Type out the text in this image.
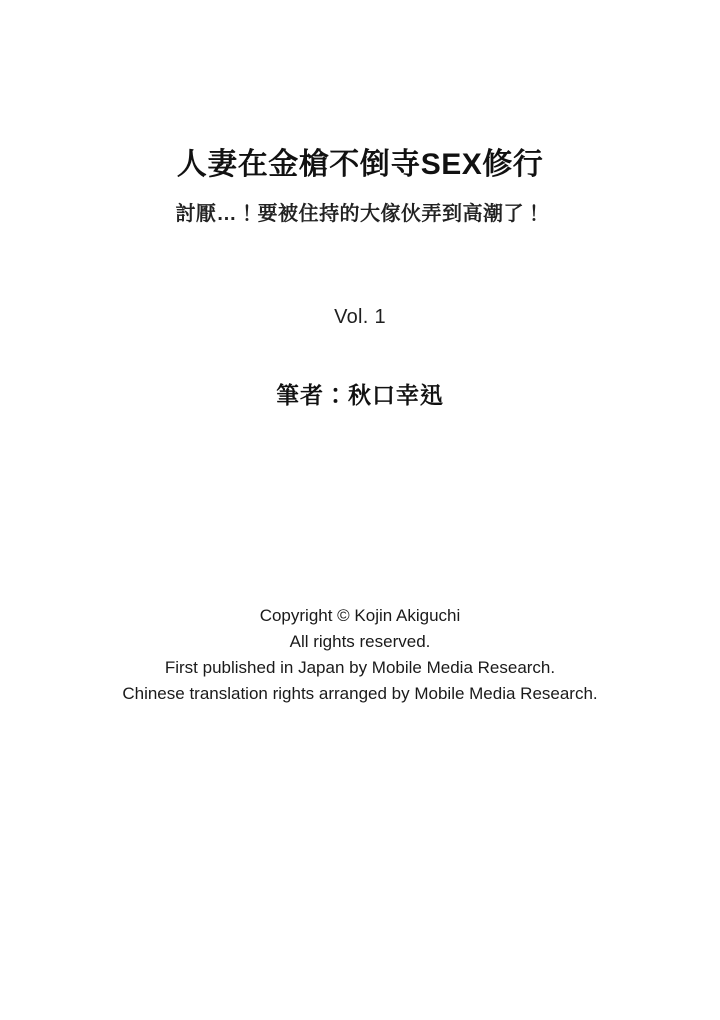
人妻在金槍不倒寺SEX修行
討厭…！要被住持的大傢伙弄到高潮了！
Vol. 1
筆者：秋口幸迅
Copyright © Kojin Akiguchi
All rights reserved.
First published in Japan by Mobile Media Research.
Chinese translation rights arranged by Mobile Media Research.
